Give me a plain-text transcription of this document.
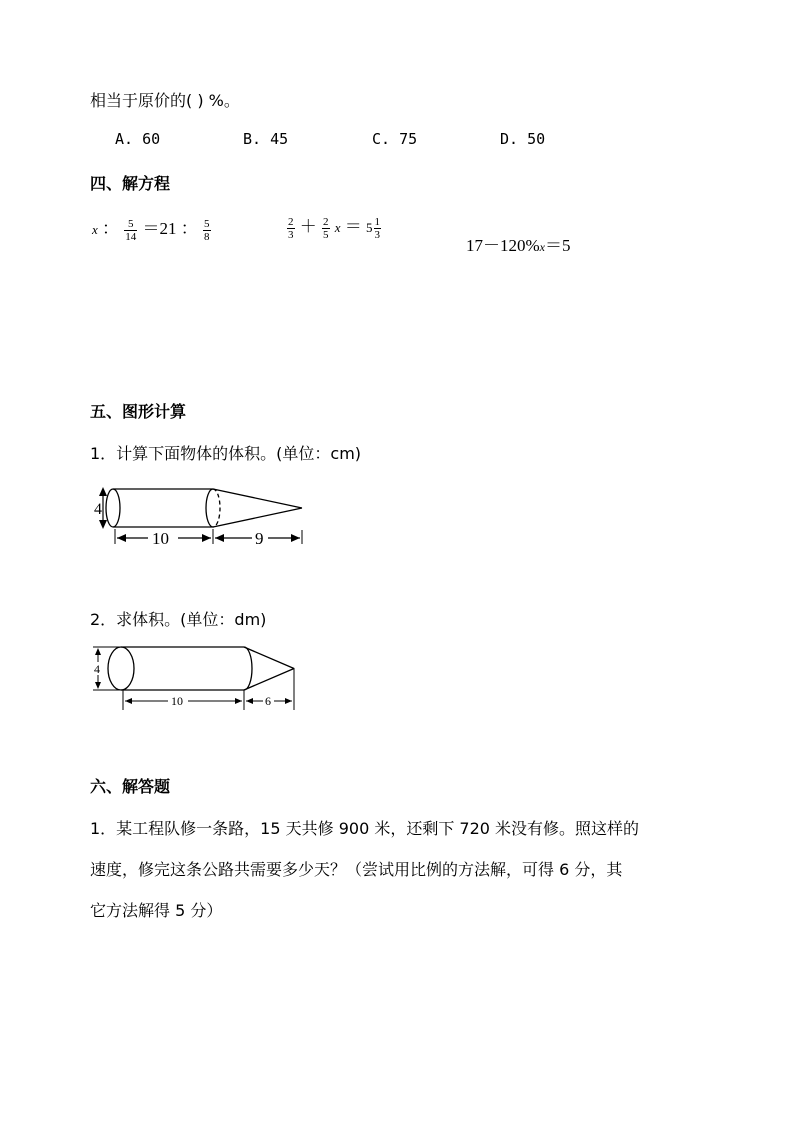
相当于原价的( ) %。
A. 60	B. 45	C. 75	D. 50
四、解方程
x ： $\frac{5}{14} =21$ ： $\frac{5}{8}$	$\frac{2}{3} + \frac{2}{5}$ $x = 5 \frac{1}{3}$
17－120%x＝5
五、图形计算
1．计算下面物体的体积。(单位：cm)
4
10	9
2．求体积。(单位：dm)
4
10	6
六、解答题
1．某工程队修一条路，15 天共修 900 米，还剩下 720 米没有修。照这样的
速度，修完这条公路共需要多少天？（尝试用比例的方法解，可得 6 分，其
它方法解得 5 分）
